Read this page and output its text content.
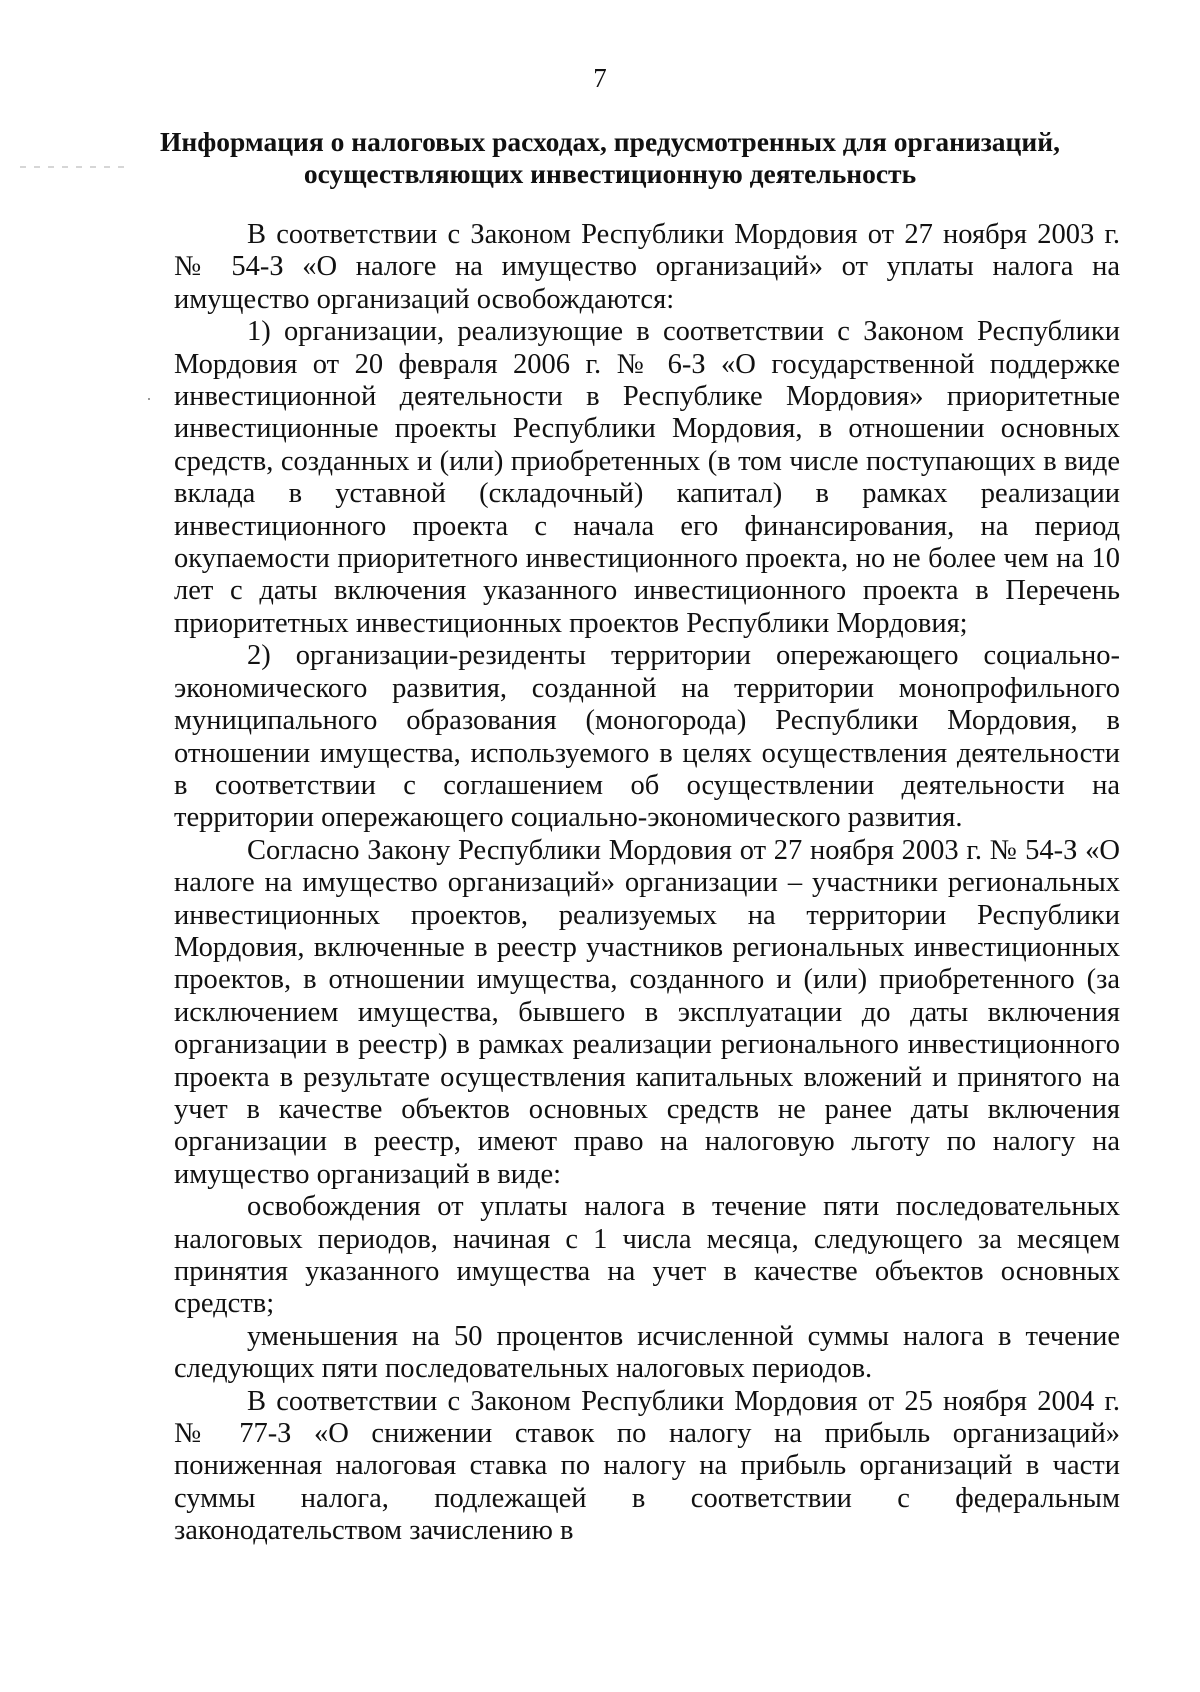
7
Информация о налоговых расходах, предусмотренных для организаций,
осуществляющих инвестиционную деятельность

В соответствии с Законом Республики Мордовия от 27 ноября 2003 г. № 54-З «О налоге на имущество организаций» от уплаты налога на имущество организаций освобождаются:

1) организации, реализующие в соответствии с Законом Республики Мордовия от 20 февраля 2006 г. № 6-З «О государственной поддержке инвестиционной деятельности в Республике Мордовия» приоритетные инвестиционные проекты Республики Мордовия, в отношении основных средств, созданных и (или) приобретенных (в том числе поступающих в виде вклада в уставной (складочный) капитал) в рамках реализации инвестиционного проекта с начала его финансирования, на период окупаемости приоритетного инвестиционного проекта, но не более чем на 10 лет с даты включения указанного инвестиционного проекта в Перечень приоритетных инвестиционных проектов Республики Мордовия;

2) организации-резиденты территории опережающего социально-экономического развития, созданной на территории монопрофильного муниципального образования (моногорода) Республики Мордовия, в отношении имущества, используемого в целях осуществления деятельности в соответствии с соглашением об осуществлении деятельности на территории опережающего социально-экономического развития.

Согласно Закону Республики Мордовия от 27 ноября 2003 г. № 54-З «О налоге на имущество организаций» организации – участники региональных инвестиционных проектов, реализуемых на территории Республики Мордовия, включенные в реестр участников региональных инвестиционных проектов, в отношении имущества, созданного и (или) приобретенного (за исключением имущества, бывшего в эксплуатации до даты включения организации в реестр) в рамках реализации регионального инвестиционного проекта в результате осуществления капитальных вложений и принятого на учет в качестве объектов основных средств не ранее даты включения организации в реестр, имеют право на налоговую льготу по налогу на имущество организаций в виде:

освобождения от уплаты налога в течение пяти последовательных налоговых периодов, начиная с 1 числа месяца, следующего за месяцем принятия указанного имущества на учет в качестве объектов основных средств;

уменьшения на 50 процентов исчисленной суммы налога в течение следующих пяти последовательных налоговых периодов.

В соответствии с Законом Республики Мордовия от 25 ноября 2004 г. № 77-З «О снижении ставок по налогу на прибыль организаций» пониженная налоговая ставка по налогу на прибыль организаций в части суммы налога, подлежащей в соответствии с федеральным законодательством зачислению в
